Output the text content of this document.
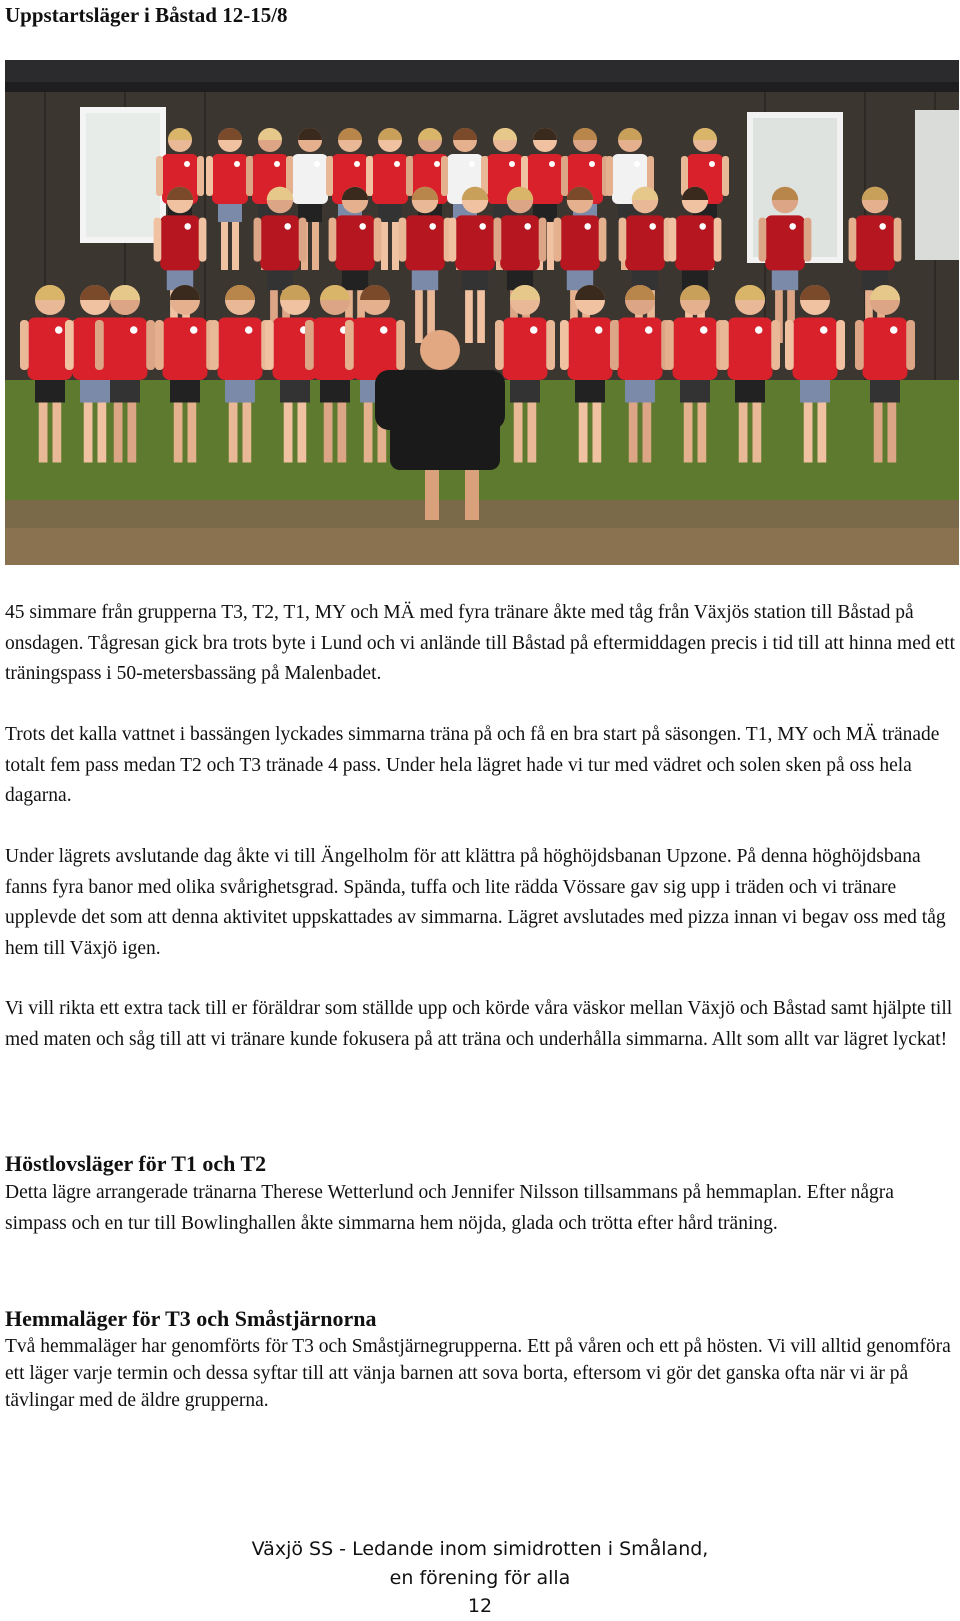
Uppstartsläger i Båstad 12-15/8

45 simmare från grupperna T3, T2, T1, MY och MÄ med fyra tränare åkte med tåg från Växjös station till Båstad på onsdagen. Tågresan gick bra trots byte i Lund och vi anlände till Båstad på eftermiddagen precis i tid till att hinna med ett träningspass i 50-metersbassäng på Malenbadet.

Trots det kalla vattnet i bassängen lyckades simmarna träna på och få en bra start på säsongen. T1, MY och MÄ tränade totalt fem pass medan T2 och T3 tränade 4 pass. Under hela lägret hade vi tur med vädret och solen sken på oss hela dagarna.

Under lägrets avslutande dag åkte vi till Ängelholm för att klättra på höghöjdsbanan Upzone. På denna höghöjdsbana fanns fyra banor med olika svårighetsgrad. Spända, tuffa och lite rädda Vössare gav sig upp i träden och vi tränare upplevde det som att denna aktivitet uppskattades av simmarna. Lägret avslutades med pizza innan vi begav oss med tåg hem till Växjö igen.

Vi vill rikta ett extra tack till er föräldrar som ställde upp och körde våra väskor mellan Växjö och Båstad samt hjälpte till med maten och såg till att vi tränare kunde fokusera på att träna och underhålla simmarna. Allt som allt var lägret lyckat!

Höstlovsläger för T1 och T2

Detta lägre arrangerade tränarna Therese Wetterlund och Jennifer Nilsson tillsammans på hemmaplan. Efter några simpass och en tur till Bowlinghallen åkte simmarna hem nöjda, glada och trötta efter hård träning.

Hemmaläger för T3 och Småstjärnorna

Två hemmaläger har genomförts för T3 och Småstjärnegrupperna. Ett på våren och ett på hösten. Vi vill alltid genomföra ett läger varje termin och dessa syftar till att vänja barnen att sova borta, eftersom vi gör det ganska ofta när vi är på tävlingar med de äldre grupperna.

Växjö SS - Ledande inom simidrotten i Småland,
en förening för alla
12
